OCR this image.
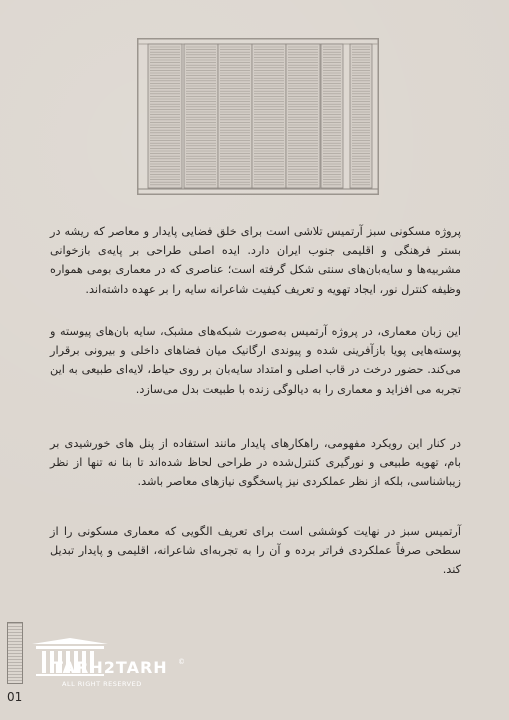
پروژه مسکونی سبز آرتمیس تلاشی است برای خلق فضایی پایدار و معاصر که ریشه در بستر فرهنگی و اقلیمی جنوب ایران دارد. ایده اصلی طراحی بر پایه‌ی بازخوانی مشربیه‌ها و سایه‌بان‌های سنتی شکل گرفته است؛ عناصری که در معماری بومی همواره وظیفه کنترل نور، ایجاد تهویه و تعریف کیفیت شاعرانه سایه را بر عهده داشته‌اند.
این زبان معماری، در پروژه آرتمیس به‌صورت شبکه‌های مشبک، سایه بان‌های پیوسته و پوسته‌هایی پویا بازآفرینی شده و پیوندی ارگانیک میان فضاهای داخلی و بیرونی برقرار می‌کند. حضور درخت در قاب اصلی و امتداد سایه‌بان بر روی حیاط، لایه‌ای طبیعی به این تجربه می افزاید و معماری را به دیالوگی زنده با طبیعت بدل می‌سازد.
در کنار این رویکرد مفهومی، راهکارهای پایدار مانند استفاده از پنل های خورشیدی بر بام، تهویه طبیعی و نورگیری کنترل‌شده در طراحی لحاظ شده‌اند تا بنا نه تنها از نظر زیباشناسی، بلکه از نظر عملکردی نیز پاسخگوی نیازهای معاصر باشد.
آرتمیس سبز در نهایت کوششی است برای تعریف الگویی که معماری مسکونی را از سطحی صرفاً عملکردی فراتر برده و آن را به تجربه‌ای شاعرانه، اقلیمی و پایدار تبدیل کند.
©
TARH2TARH
ALL RIGHT RESERVED
01
